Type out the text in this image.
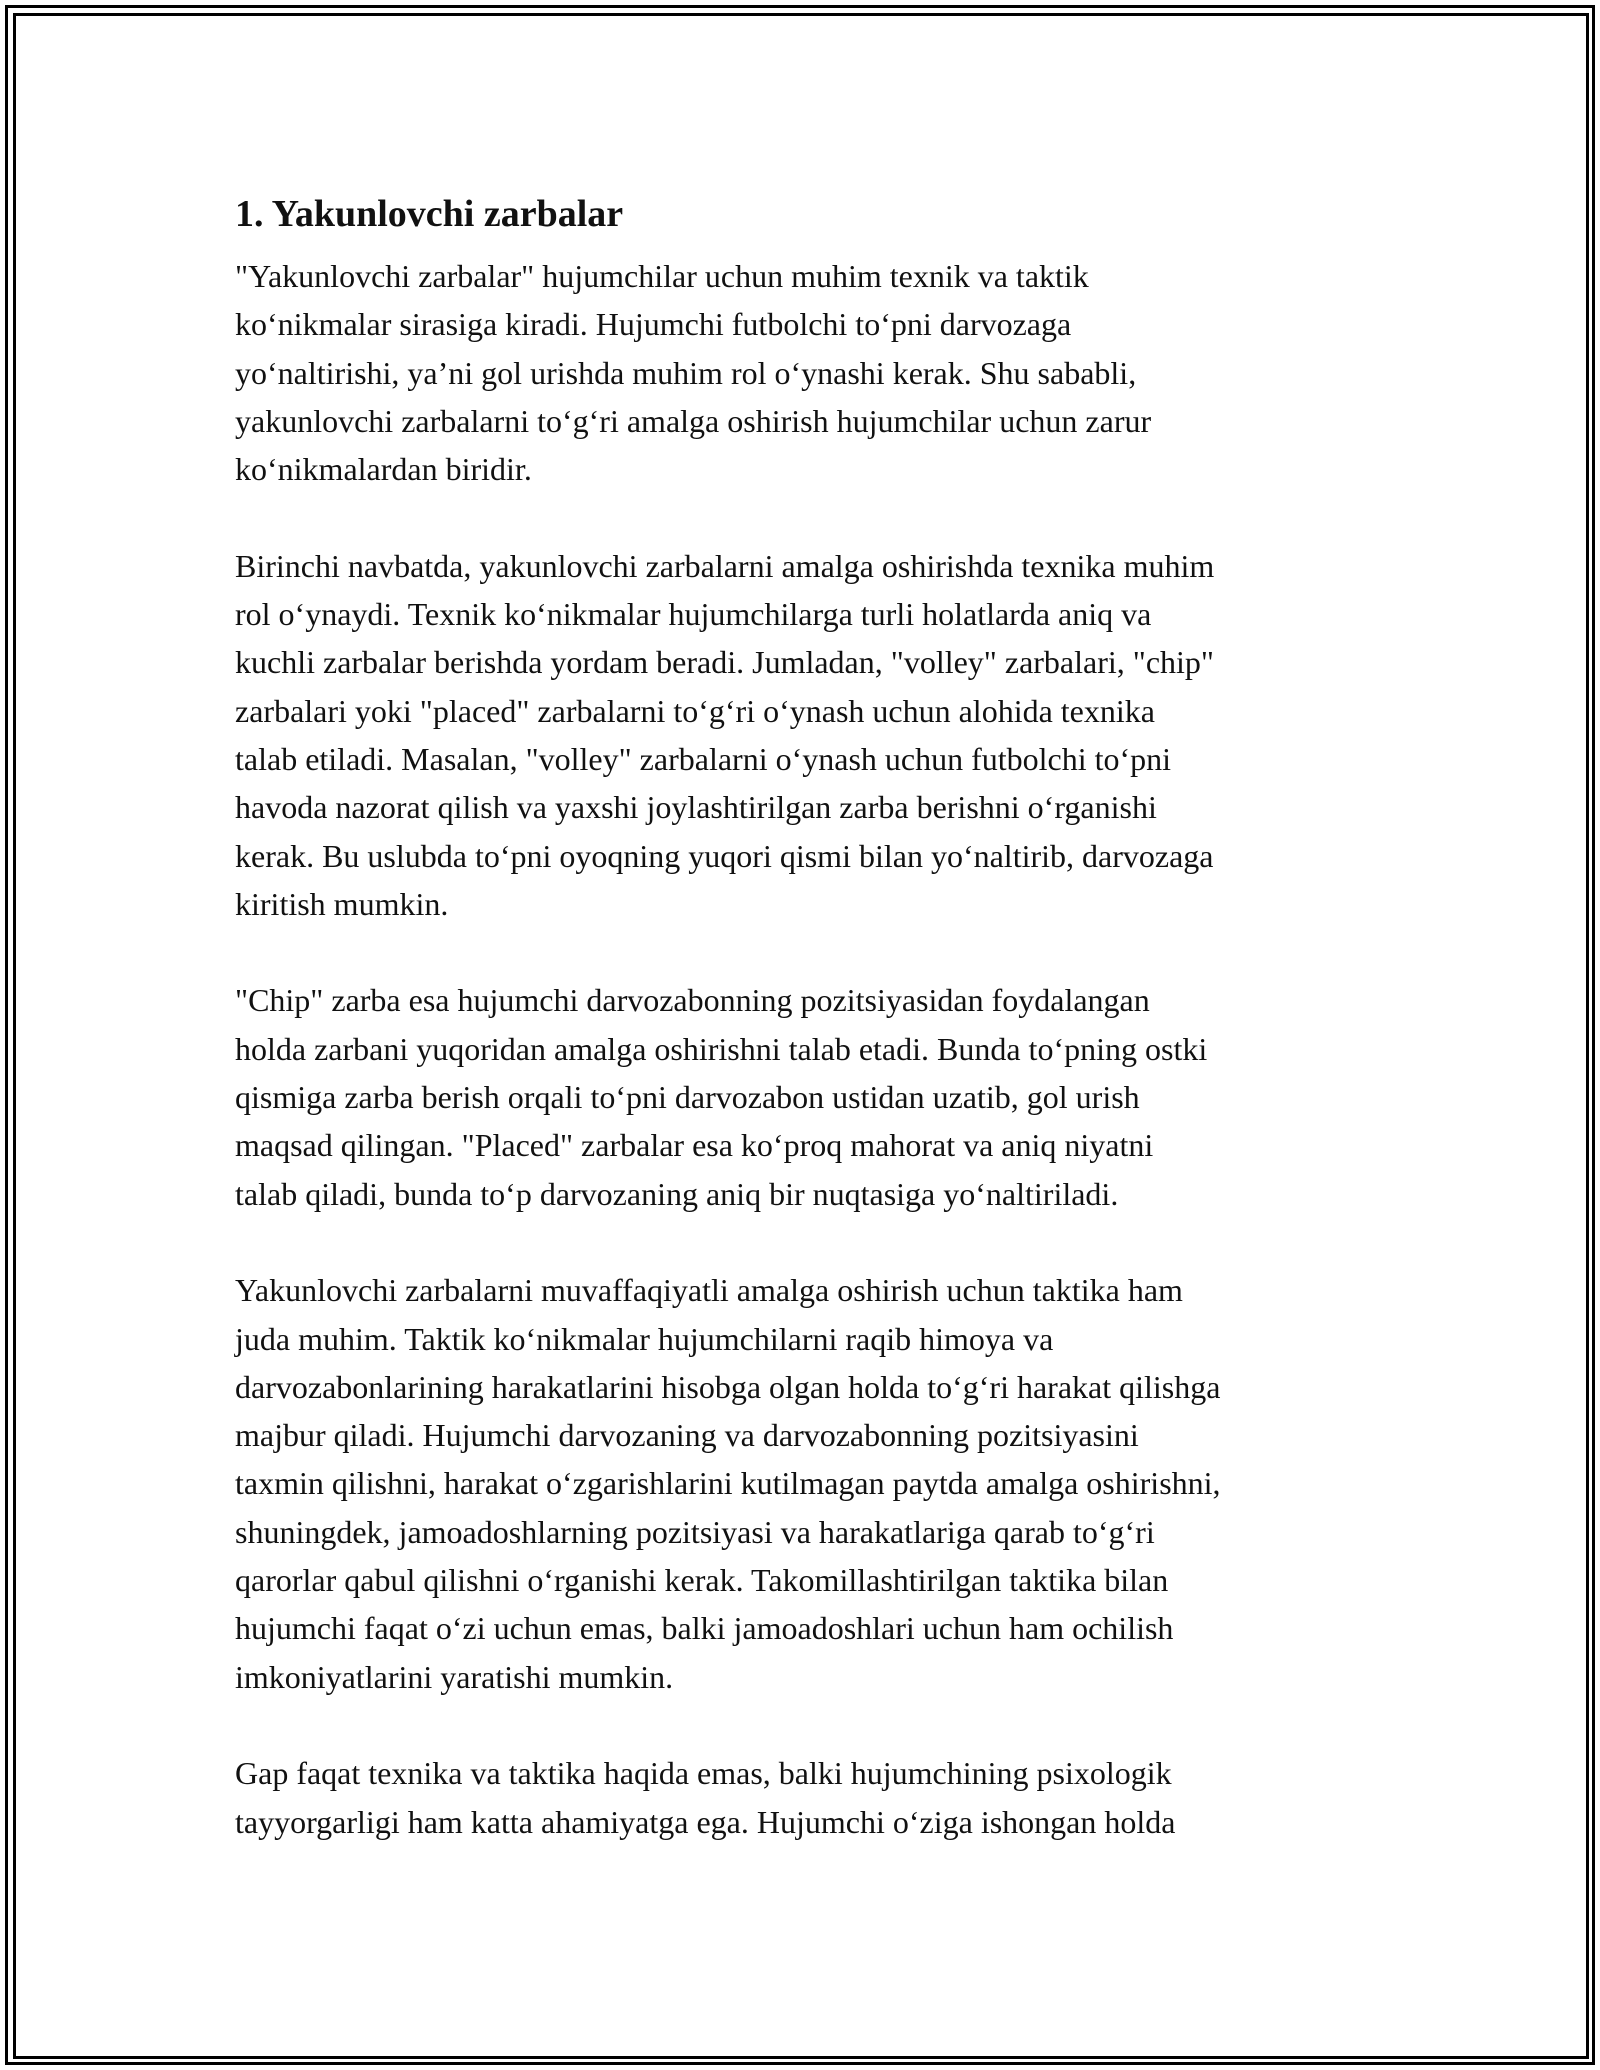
1. Yakunlovchi zarbalar

"Yakunlovchi zarbalar" hujumchilar uchun muhim texnik va taktik
ko‘nikmalar sirasiga kiradi. Hujumchi futbolchi to‘pni darvozaga
yo‘naltirishi, ya’ni gol urishda muhim rol o‘ynashi kerak. Shu sababli,
yakunlovchi zarbalarni to‘g‘ri amalga oshirish hujumchilar uchun zarur
ko‘nikmalardan biridir.

Birinchi navbatda, yakunlovchi zarbalarni amalga oshirishda texnika muhim
rol o‘ynaydi. Texnik ko‘nikmalar hujumchilarga turli holatlarda aniq va
kuchli zarbalar berishda yordam beradi. Jumladan, "volley" zarbalari, "chip"
zarbalari yoki "placed" zarbalarni to‘g‘ri o‘ynash uchun alohida texnika
talab etiladi. Masalan, "volley" zarbalarni o‘ynash uchun futbolchi to‘pni
havoda nazorat qilish va yaxshi joylashtirilgan zarba berishni o‘rganishi
kerak. Bu uslubda to‘pni oyoqning yuqori qismi bilan yo‘naltirib, darvozaga
kiritish mumkin.

"Chip" zarba esa hujumchi darvozabonning pozitsiyasidan foydalangan
holda zarbani yuqoridan amalga oshirishni talab etadi. Bunda to‘pning ostki
qismiga zarba berish orqali to‘pni darvozabon ustidan uzatib, gol urish
maqsad qilingan. "Placed" zarbalar esa ko‘proq mahorat va aniq niyatni
talab qiladi, bunda to‘p darvozaning aniq bir nuqtasiga yo‘naltiriladi.

Yakunlovchi zarbalarni muvaffaqiyatli amalga oshirish uchun taktika ham
juda muhim. Taktik ko‘nikmalar hujumchilarni raqib himoya va
darvozabonlarining harakatlarini hisobga olgan holda to‘g‘ri harakat qilishga
majbur qiladi. Hujumchi darvozaning va darvozabonning pozitsiyasini
taxmin qilishni, harakat o‘zgarishlarini kutilmagan paytda amalga oshirishni,
shuningdek, jamoadoshlarning pozitsiyasi va harakatlariga qarab to‘g‘ri
qarorlar qabul qilishni o‘rganishi kerak. Takomillashtirilgan taktika bilan
hujumchi faqat o‘zi uchun emas, balki jamoadoshlari uchun ham ochilish
imkoniyatlarini yaratishi mumkin.

Gap faqat texnika va taktika haqida emas, balki hujumchining psixologik
tayyorgarligi ham katta ahamiyatga ega. Hujumchi o‘ziga ishongan holda
